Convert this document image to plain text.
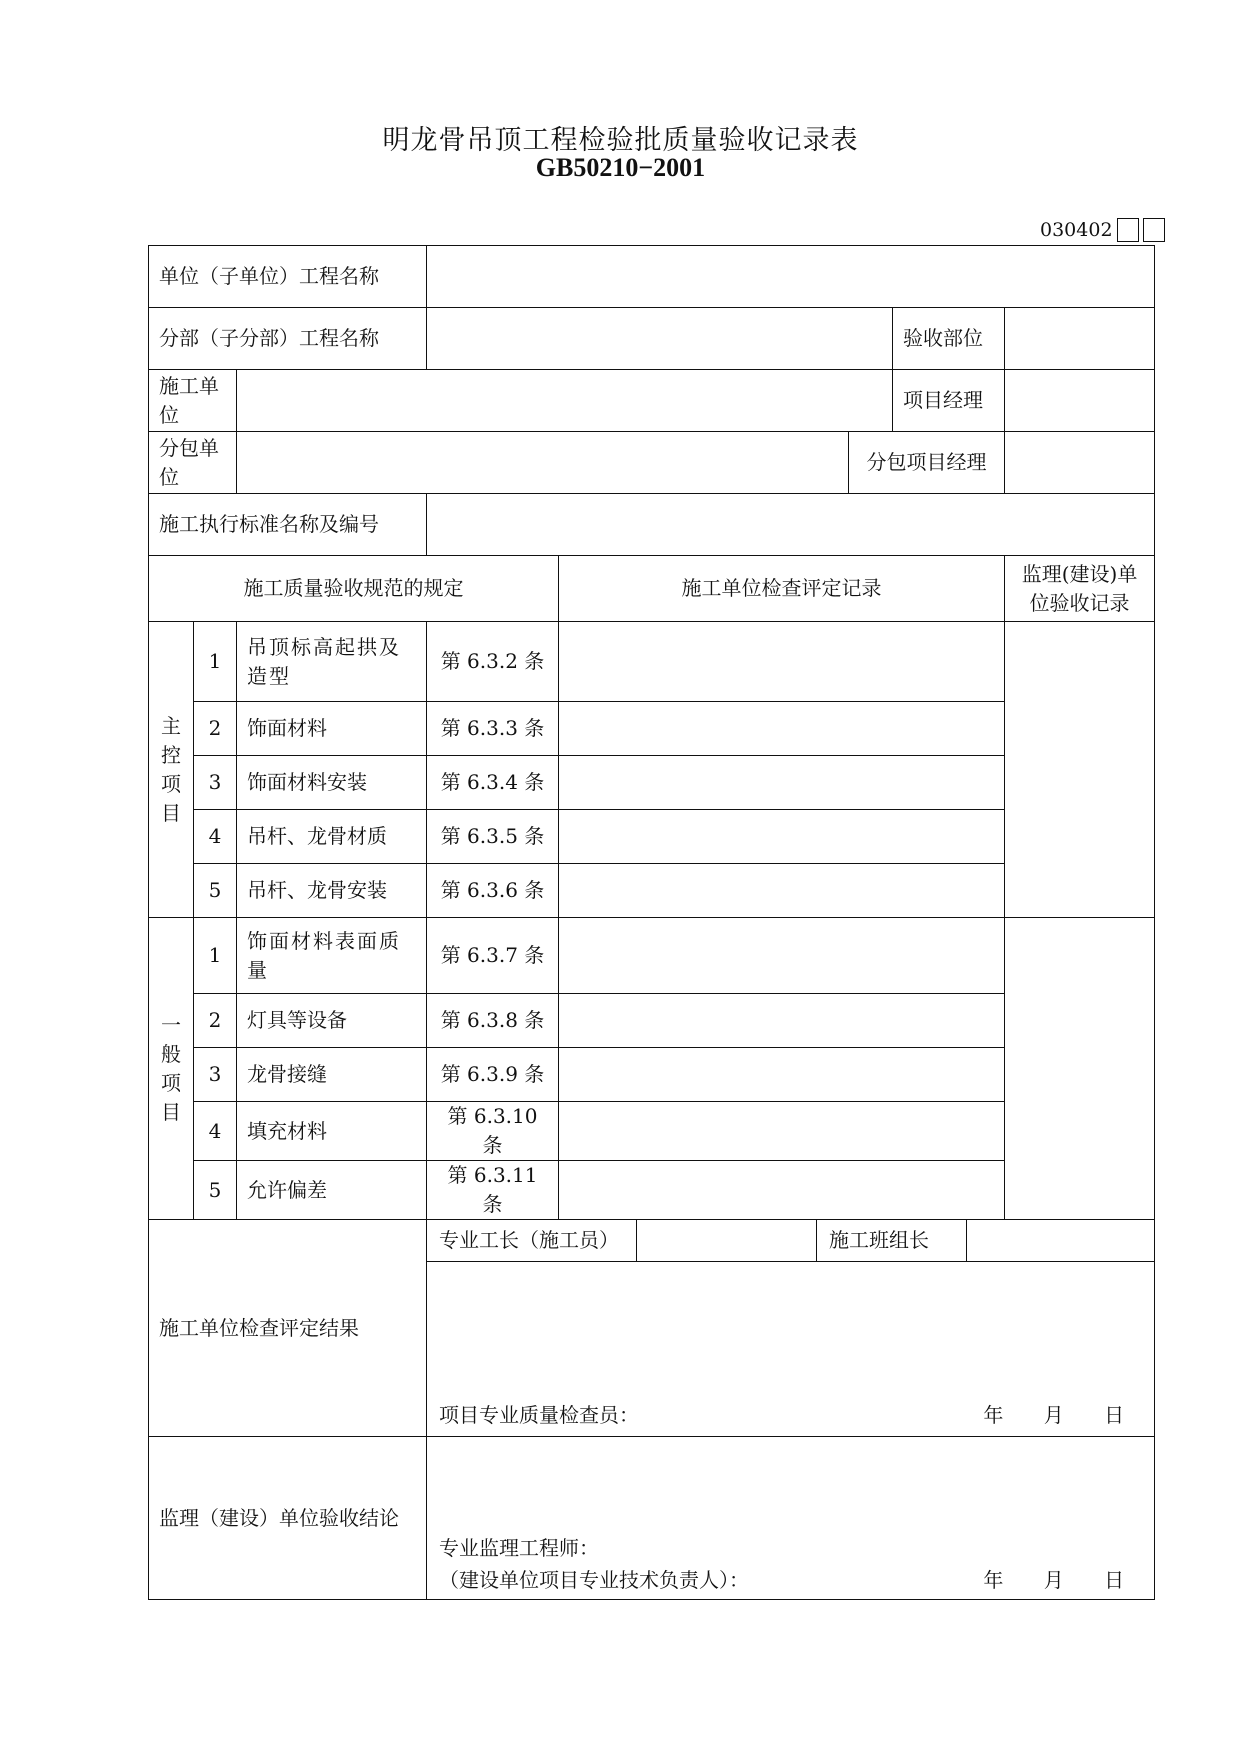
明龙骨吊顶工程检验批质量验收记录表
GB50210−2001
030402
单位（子单位）工程名称							
分部（子分部）工程名称						验收部位	
施工单位						项目经理	
分包单位					分包项目经理		
施工执行标准名称及编号							
施工质量验收规范的规定				施工单位检查评定记录			监理(建设)单
位验收记录

主
控
项
目	1	吊顶标高起拱及造型	第 6.3.2 条				
	2	饰面材料	第 6.3.3 条				
	3	饰面材料安装	第 6.3.4 条				
	4	吊杆、龙骨材质	第 6.3.5 条				
	5	吊杆、龙骨安装	第 6.3.6 条				

一
般
项
目	1	饰面材料表面质量	第 6.3.7 条				
	2	灯具等设备	第 6.3.8 条				
	3	龙骨接缝	第 6.3.9 条				
	4	填充材料	第 6.3.10 条				
	5	允许偏差	第 6.3.11 条				
施工单位检查评定结果			专业工长（施工员） 施工班组长
项目专业质量检查员： 年 月 日				

监理（建设）单位验收结论			专业监理工程师：
（建设单位项目专业技术负责人）： 年 月 日				
